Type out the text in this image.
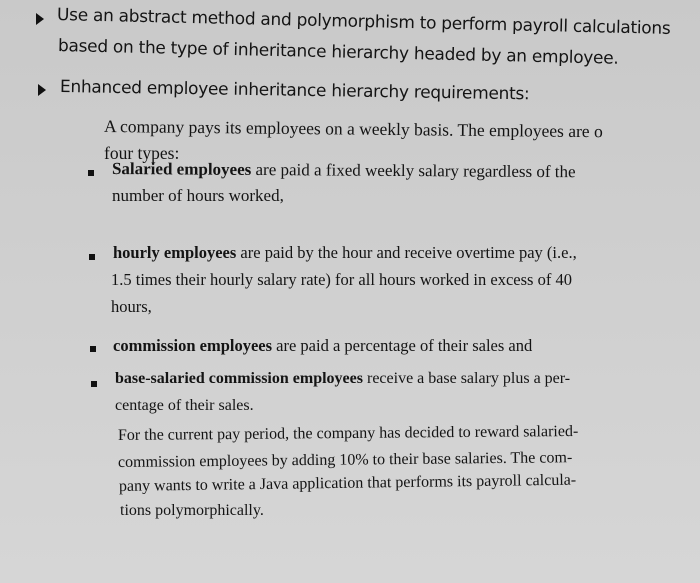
Use an abstract method and polymorphism to perform payroll calculations
based on the type of inheritance hierarchy headed by an employee.
Enhanced employee inheritance hierarchy requirements:
A company pays its employees on a weekly basis. The employees are o
four types:
Salaried employees are paid a fixed weekly salary regardless of the
number of hours worked,
hourly employees are paid by the hour and receive overtime pay (i.e.,
1.5 times their hourly salary rate) for all hours worked in excess of 40
hours,
commission employees are paid a percentage of their sales and
base-salaried commission employees receive a base salary plus a per-
centage of their sales.
For the current pay period, the company has decided to reward salaried-
commission employees by adding 10% to their base salaries. The com-
pany wants to write a Java application that performs its payroll calcula-
tions polymorphically.
